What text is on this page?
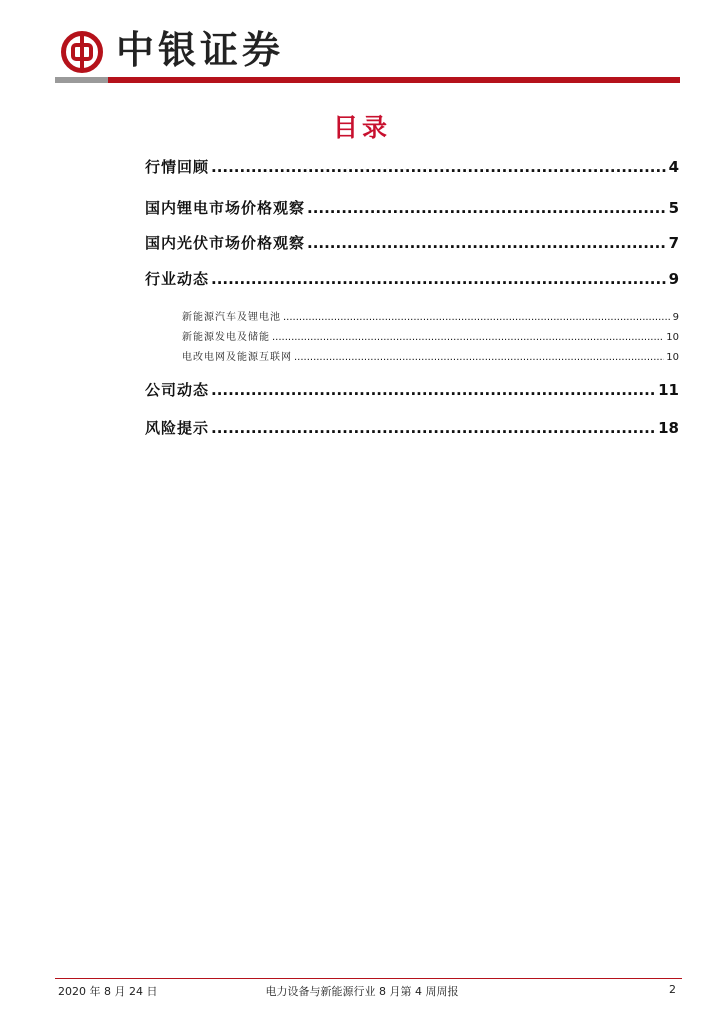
中银证券
目录
行情回顾 .....	4
国内锂电市场价格观察 .....	5
国内光伏市场价格观察 .....	7
行业动态 .....	9
新能源汽车及锂电池 .....	9
新能源发电及储能 .....	10
电改电网及能源互联网 .....	10
公司动态 .....	11
风险提示 .....	18
2020 年 8 月 24 日	电力设备与新能源行业 8 月第 4 周周报	2
